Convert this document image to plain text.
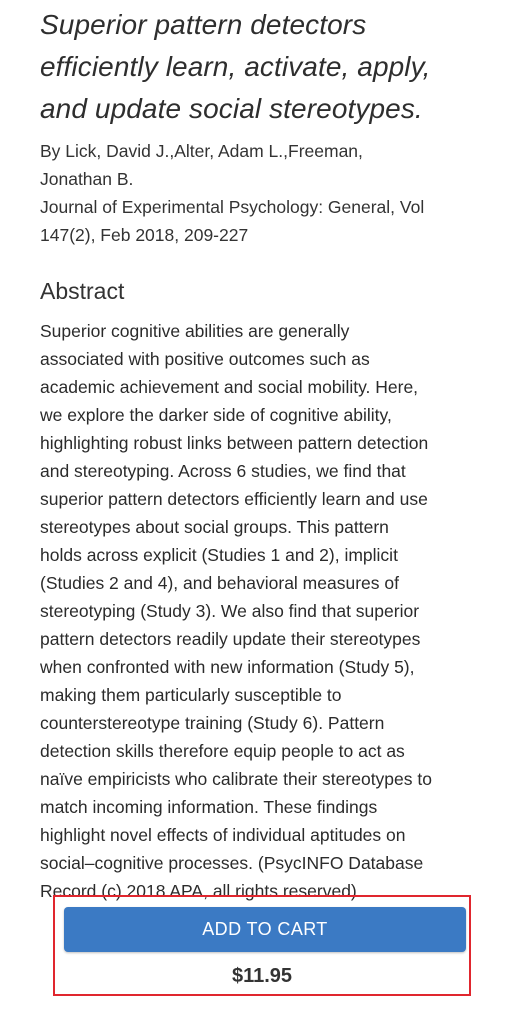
Superior pattern detectors
efficiently learn, activate, apply,
and update social stereotypes.
By Lick, David J.,Alter, Adam L.,Freeman,
Jonathan B.
Journal of Experimental Psychology: General, Vol
147(2), Feb 2018, 209-227
Abstract
Superior cognitive abilities are generally
associated with positive outcomes such as
academic achievement and social mobility. Here,
we explore the darker side of cognitive ability,
highlighting robust links between pattern detection
and stereotyping. Across 6 studies, we find that
superior pattern detectors efficiently learn and use
stereotypes about social groups. This pattern
holds across explicit (Studies 1 and 2), implicit
(Studies 2 and 4), and behavioral measures of
stereotyping (Study 3). We also find that superior
pattern detectors readily update their stereotypes
when confronted with new information (Study 5),
making them particularly susceptible to
counterstereotype training (Study 6). Pattern
detection skills therefore equip people to act as
naïve empiricists who calibrate their stereotypes to
match incoming information. These findings
highlight novel effects of individual aptitudes on
social–cognitive processes. (PsycINFO Database
Record (c) 2018 APA, all rights reserved)
ADD TO CART
$11.95
